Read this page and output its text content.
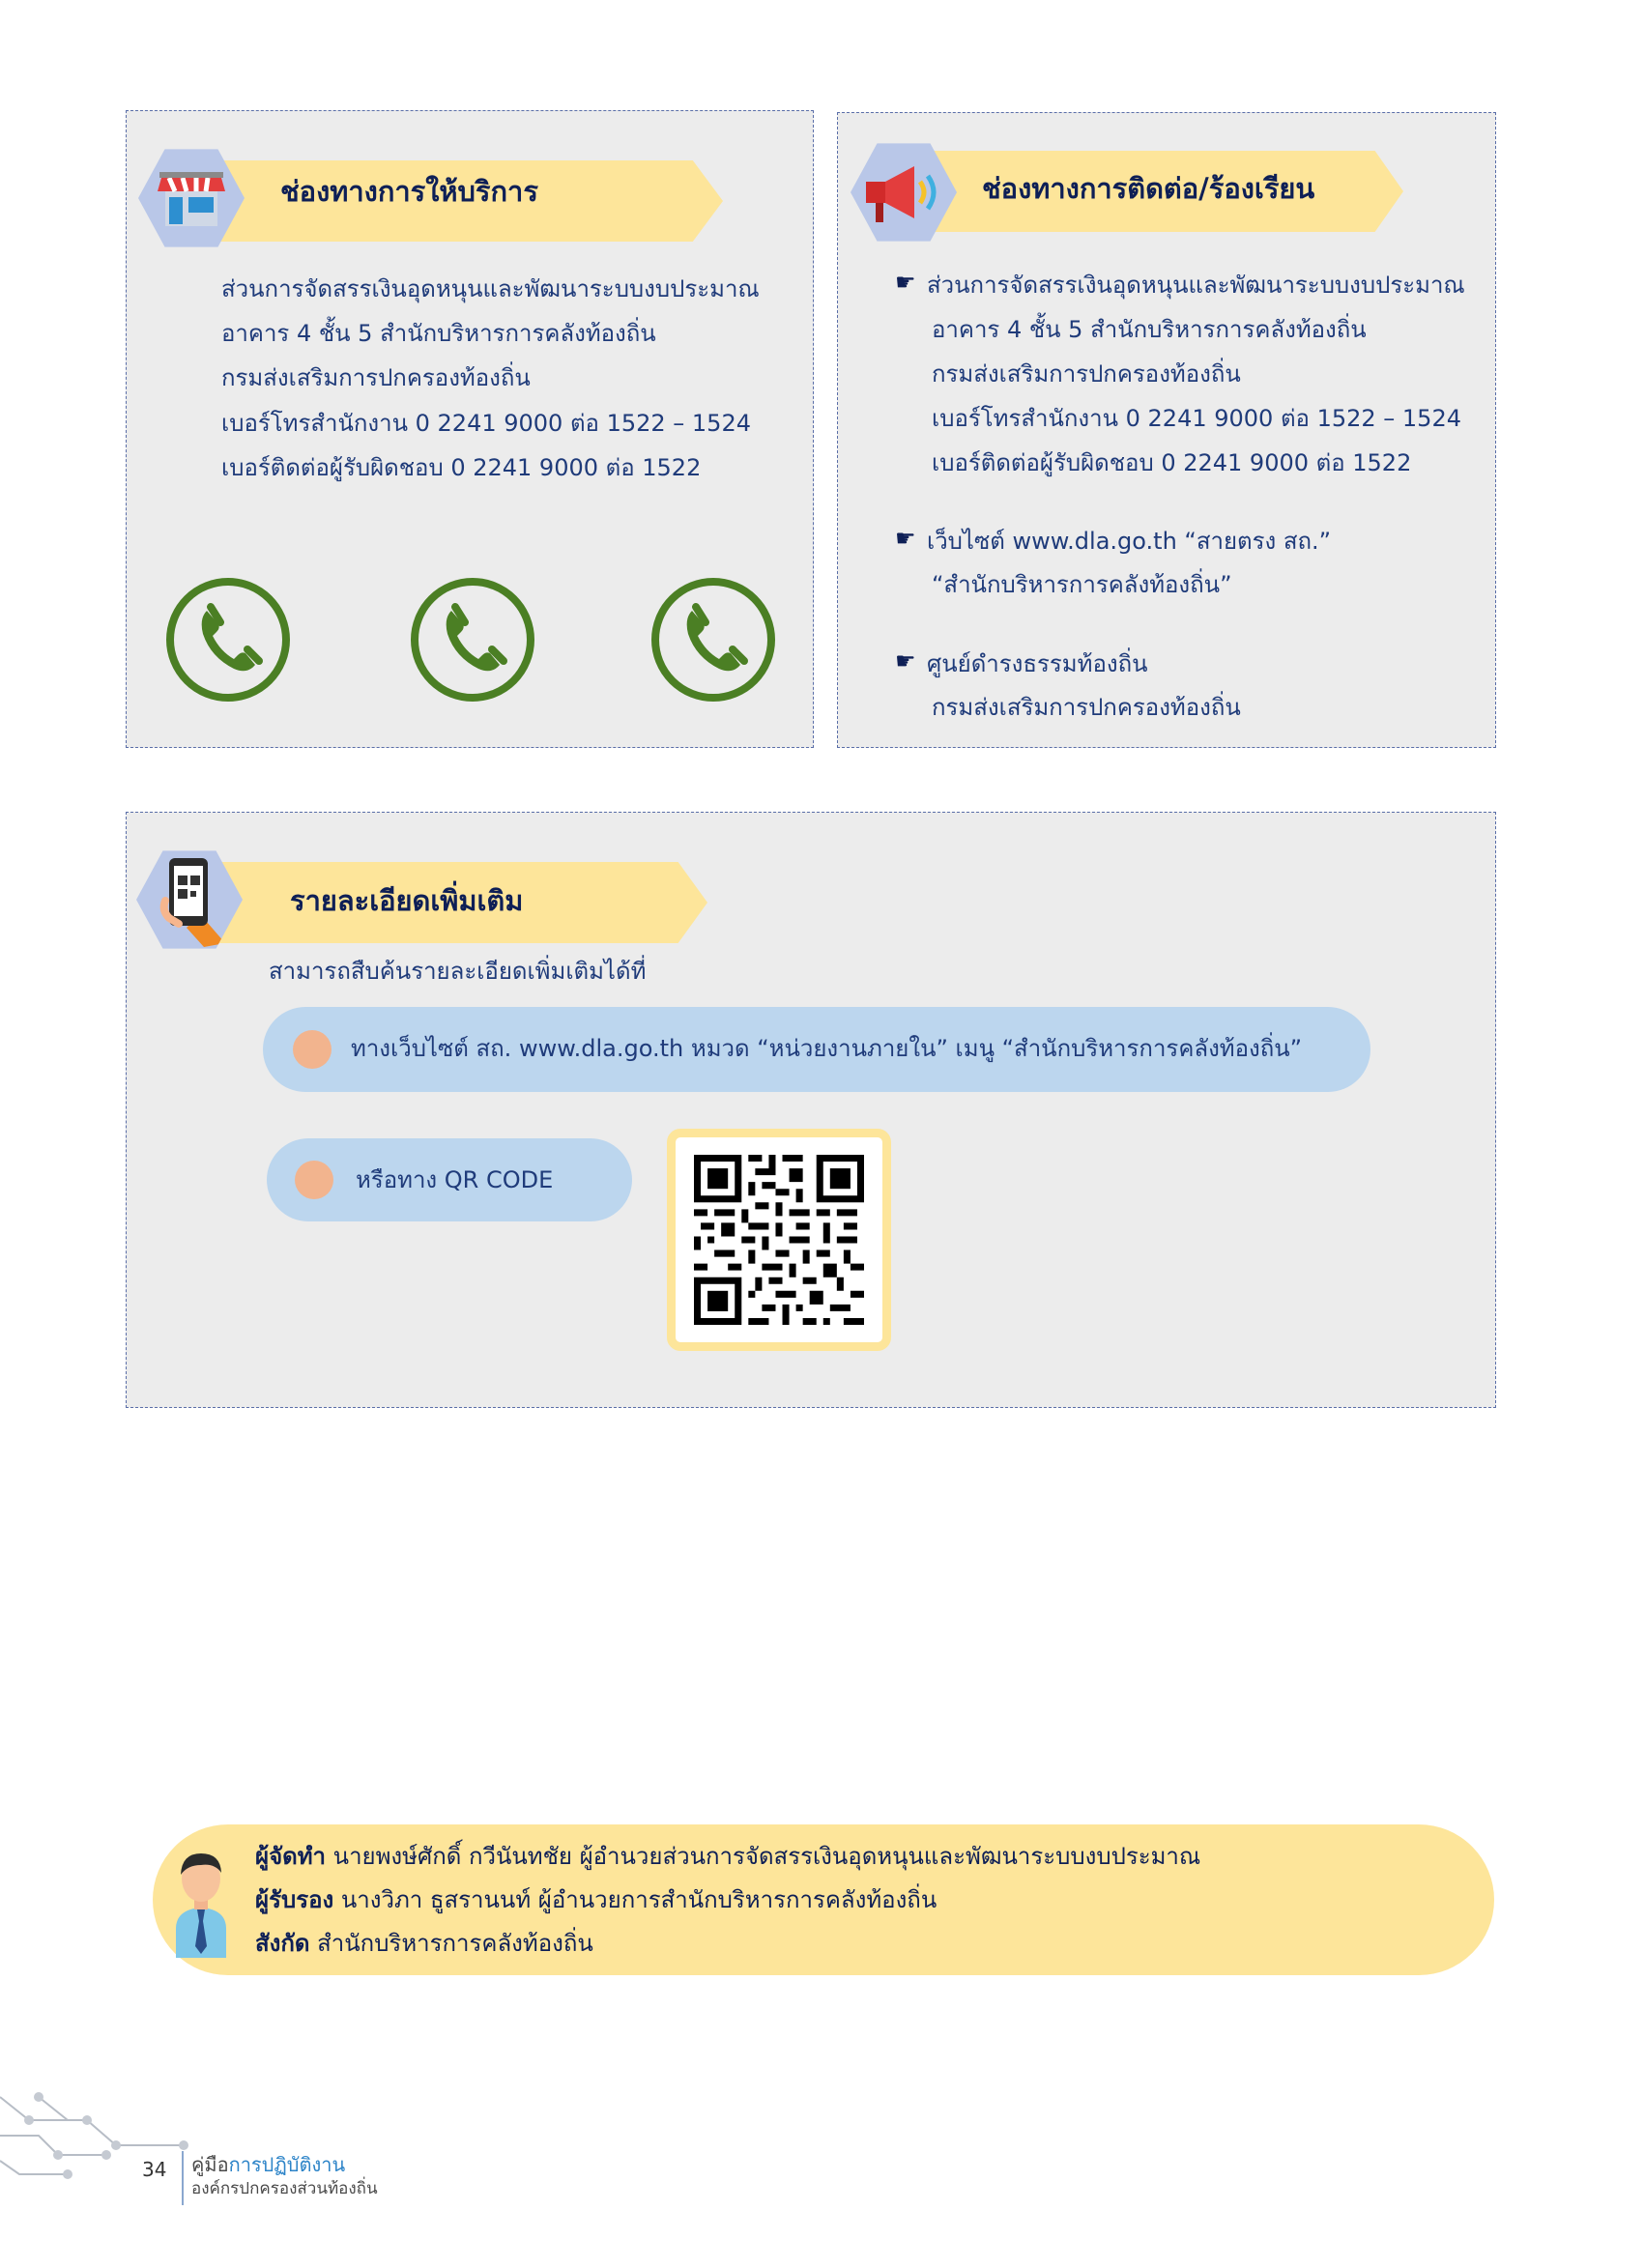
ช่องทางการให้บริการ
ส่วนการจัดสรรเงินอุดหนุนและพัฒนาระบบงบประมาณ
อาคาร 4 ชั้น 5 สำนักบริหารการคลังท้องถิ่น
กรมส่งเสริมการปกครองท้องถิ่น
เบอร์โทรสำนักงาน 0 2241 9000 ต่อ 1522 – 1524
เบอร์ติดต่อผู้รับผิดชอบ 0 2241 9000 ต่อ 1522
ช่องทางการติดต่อ/ร้องเรียน
☛ ส่วนการจัดสรรเงินอุดหนุนและพัฒนาระบบงบประมาณ
อาคาร 4 ชั้น 5 สำนักบริหารการคลังท้องถิ่น
กรมส่งเสริมการปกครองท้องถิ่น
เบอร์โทรสำนักงาน 0 2241 9000 ต่อ 1522 – 1524
เบอร์ติดต่อผู้รับผิดชอบ 0 2241 9000 ต่อ 1522
☛ เว็บไซต์ www.dla.go.th “สายตรง สถ.”
“สำนักบริหารการคลังท้องถิ่น”
☛ ศูนย์ดำรงธรรมท้องถิ่น
กรมส่งเสริมการปกครองท้องถิ่น
รายละเอียดเพิ่มเติม
สามารถสืบค้นรายละเอียดเพิ่มเติมได้ที่
ทางเว็บไซต์ สถ. www.dla.go.th หมวด “หน่วยงานภายใน” เมนู “สำนักบริหารการคลังท้องถิ่น”
หรือทาง QR CODE
ผู้จัดทำ นายพงษ์ศักดิ์ กวีนันทชัย ผู้อำนวยส่วนการจัดสรรเงินอุดหนุนและพัฒนาระบบงบประมาณ
ผู้รับรอง นางวิภา ธูสรานนท์ ผู้อำนวยการสำนักบริหารการคลังท้องถิ่น
สังกัด สำนักบริหารการคลังท้องถิ่น
34 คู่มือการปฏิบัติงาน
องค์กรปกครองส่วนท้องถิ่น
